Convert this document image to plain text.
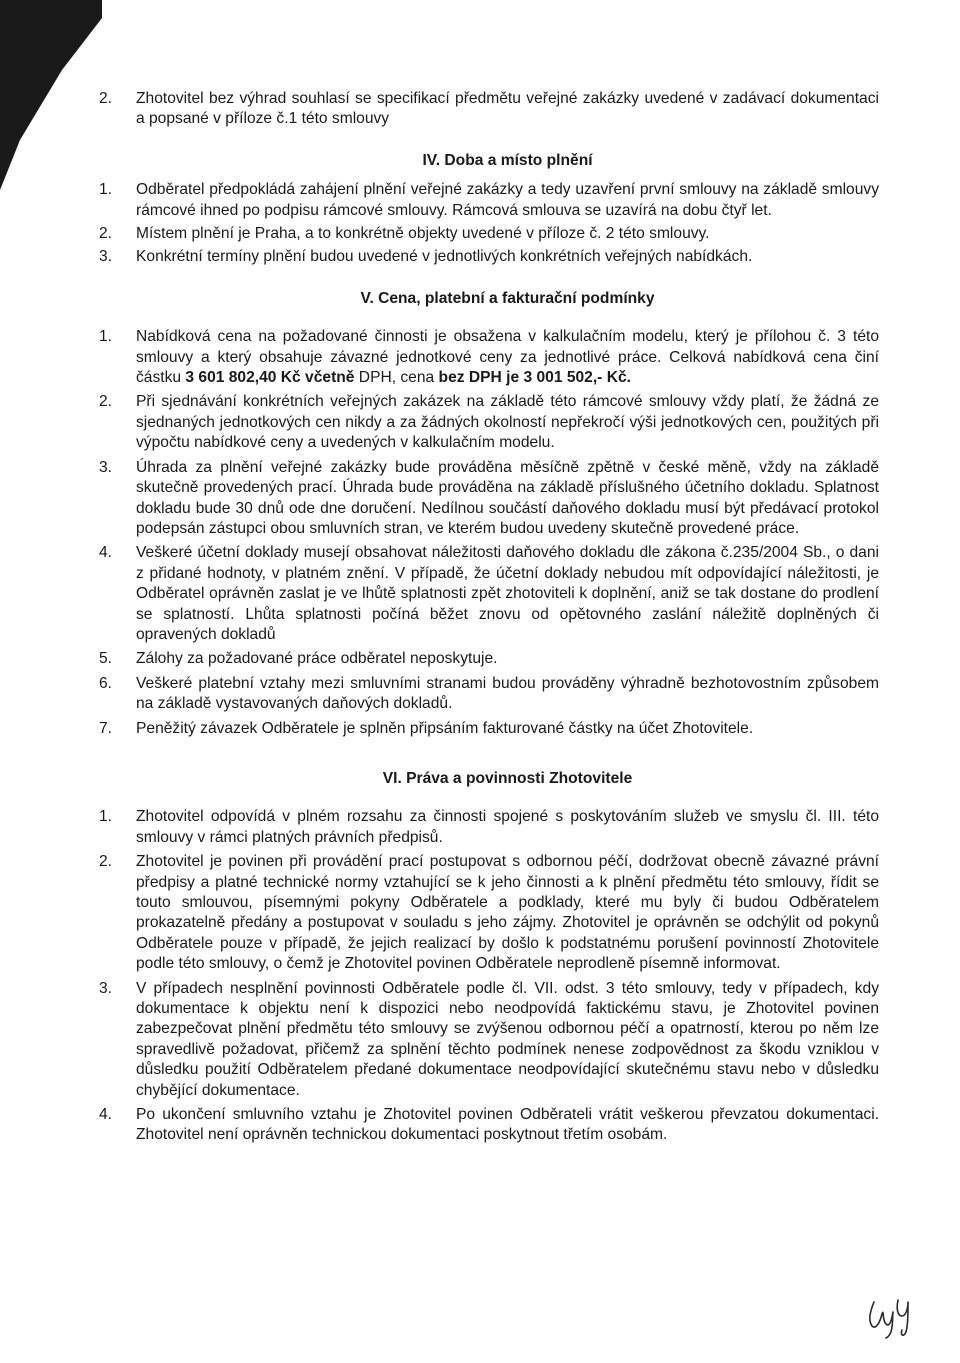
2. Zhotovitel bez výhrad souhlasí se specifikací předmětu veřejné zakázky uvedené v zadávací dokumentaci a popsané v příloze č.1 této smlouvy
IV. Doba a místo plnění
1. Odběratel předpokládá zahájení plnění veřejné zakázky a tedy uzavření první smlouvy na základě smlouvy rámcové ihned po podpisu rámcové smlouvy. Rámcová smlouva se uzavírá na dobu čtyř let.
2. Místem plnění je Praha, a to konkrétně objekty uvedené v příloze č. 2 této smlouvy.
3. Konkrétní termíny plnění budou uvedené v jednotlivých konkrétních veřejných nabídkách.
V. Cena, platební a fakturační podmínky
1. Nabídková cena na požadované činnosti je obsažena v kalkulačním modelu, který je přílohou č. 3 této smlouvy a který obsahuje závazné jednotkové ceny za jednotlivé práce. Celková nabídková cena činí částku 3 601 802,40 Kč včetně DPH, cena bez DPH je 3 001 502,- Kč.
2. Při sjednávání konkrétních veřejných zakázek na základě této rámcové smlouvy vždy platí, že žádná ze sjednaných jednotkových cen nikdy a za žádných okolností nepřekročí výši jednotkových cen, použitých při výpočtu nabídkové ceny a uvedených v kalkulačním modelu.
3. Úhrada za plnění veřejné zakázky bude prováděna měsíčně zpětně v české měně, vždy na základě skutečně provedených prací. Úhrada bude prováděna na základě příslušného účetního dokladu. Splatnost dokladu bude 30 dnů ode dne doručení. Nedílnou součástí daňového dokladu musí být předávací protokol podepsán zástupci obou smluvních stran, ve kterém budou uvedeny skutečně provedené práce.
4. Veškeré účetní doklady musejí obsahovat náležitosti daňového dokladu dle zákona č.235/2004 Sb., o dani z přidané hodnoty, v platném znění. V případě, že účetní doklady nebudou mít odpovídající náležitosti, je Odběratel oprávněn zaslat je ve lhůtě splatnosti zpět zhotoviteli k doplnění, aniž se tak dostane do prodlení se splatností. Lhůta splatnosti počíná běžet znovu od opětovného zaslání náležitě doplněných či opravených dokladů
5. Zálohy za požadované práce odběratel neposkytuje.
6. Veškeré platební vztahy mezi smluvními stranami budou prováděny výhradně bezhotovostním způsobem na základě vystavovaných daňových dokladů.
7. Peněžitý závazek Odběratele je splněn připsáním fakturované částky na účet Zhotovitele.
VI. Práva a povinnosti Zhotovitele
1. Zhotovitel odpovídá v plném rozsahu za činnosti spojené s poskytováním služeb ve smyslu čl. III. této smlouvy v rámci platných právních předpisů.
2. Zhotovitel je povinen při provádění prací postupovat s odbornou péčí, dodržovat obecně závazné právní předpisy a platné technické normy vztahující se k jeho činnosti a k plnění předmětu této smlouvy, řídit se touto smlouvou, písemnými pokyny Odběratele a podklady, které mu byly či budou Odběratelem prokazatelně předány a postupovat v souladu s jeho zájmy. Zhotovitel je oprávněn se odchýlit od pokynů Odběratele pouze v případě, že jejich realizací by došlo k podstatnému porušení povinností Zhotovitele podle této smlouvy, o čemž je Zhotovitel povinen Odběratele neprodleně písemně informovat.
3. V případech nesplnění povinnosti Odběratele podle čl. VII. odst. 3 této smlouvy, tedy v případech, kdy dokumentace k objektu není k dispozici nebo neodpovídá faktickému stavu, je Zhotovitel povinen zabezpečovat plnění předmětu této smlouvy se zvýšenou odbornou péčí a opatrností, kterou po něm lze spravedlivě požadovat, přičemž za splnění těchto podmínek nenese zodpovědnost za škodu vzniklou v důsledku použití Odběratelem předané dokumentace neodpovídající skutečnému stavu nebo v důsledku chybějící dokumentace.
4. Po ukončení smluvního vztahu je Zhotovitel povinen Odběrateli vrátit veškerou převzatou dokumentaci. Zhotovitel není oprávněn technickou dokumentaci poskytnout třetím osobám.
